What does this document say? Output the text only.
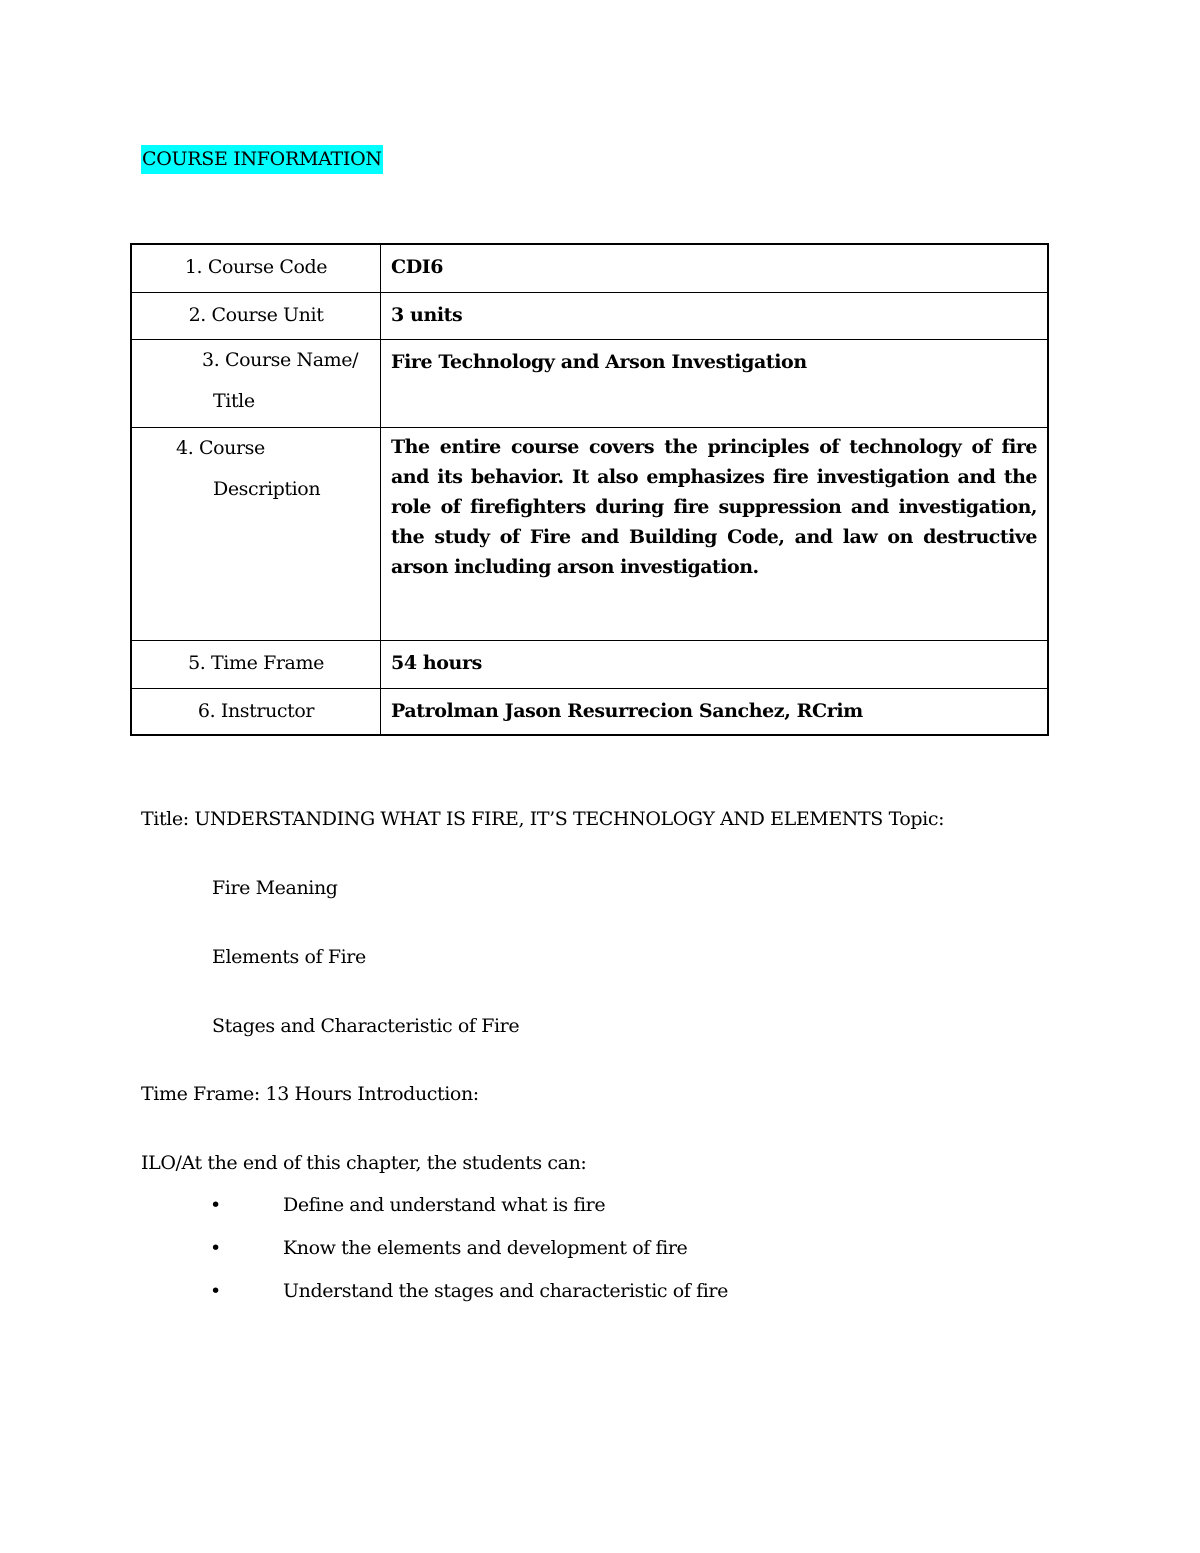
COURSE INFORMATION
1. Course Code	CDI6

2. Course Unit	3 units

3. Course Name/
Title	Fire Technology and Arson Investigation

4. Course
Description	The entire course covers the principles of technology of fire and its behavior. It also emphasizes fire investigation and the role of firefighters during fire suppression and investigation, the study of Fire and Building Code, and law on destructive arson including arson investigation.

5. Time Frame	54 hours

6. Instructor	Patrolman Jason Resurrecion Sanchez, RCrim
Title: UNDERSTANDING WHAT IS FIRE, IT’S TECHNOLOGY AND ELEMENTS Topic:
Fire Meaning
Elements of Fire
Stages and Characteristic of Fire
Time Frame: 13 Hours Introduction:
ILO/At the end of this chapter, the students can:
•	Define and understand what is fire
•	Know the elements and development of fire
•	Understand the stages and characteristic of fire
